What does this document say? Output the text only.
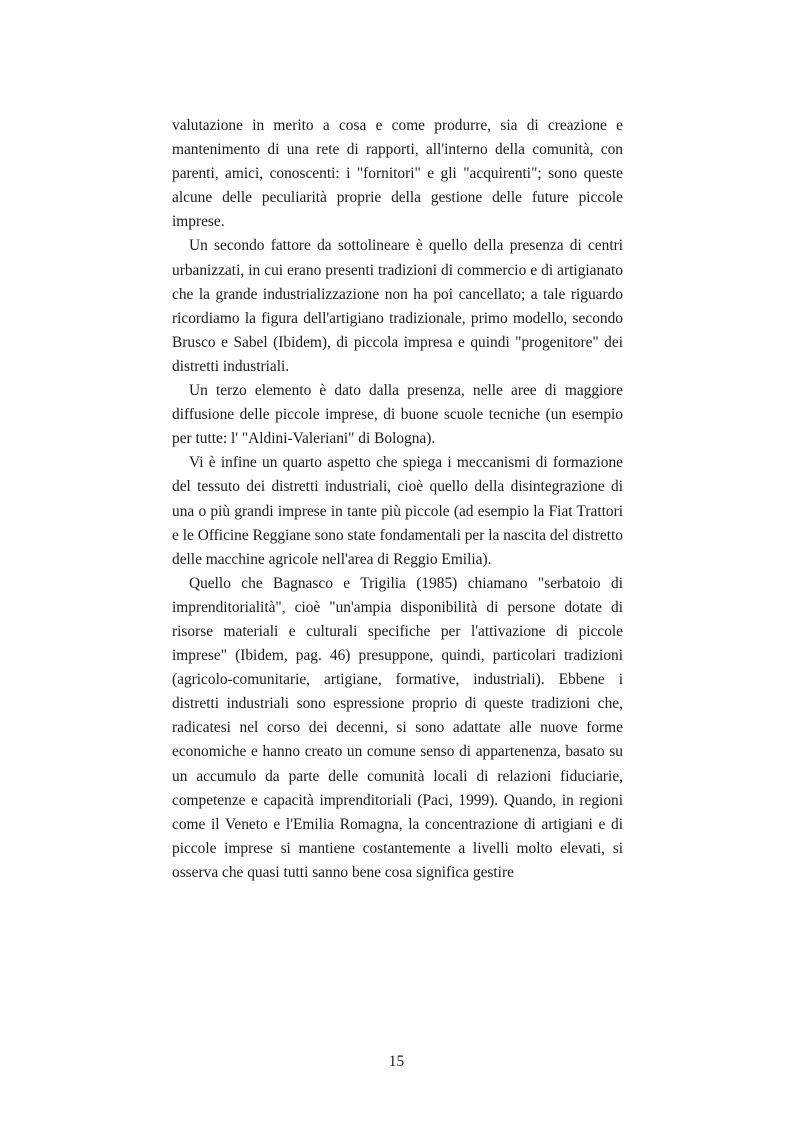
valutazione in merito a cosa e come produrre, sia di creazione e mantenimento di una rete di rapporti, all'interno della comunità, con parenti, amici, conoscenti: i "fornitori" e gli "acquirenti"; sono queste alcune delle peculiarità proprie della gestione delle future piccole imprese.

Un secondo fattore da sottolineare è quello della presenza di centri urbanizzati, in cui erano presenti tradizioni di commercio e di artigianato che la grande industrializzazione non ha poi cancellato; a tale riguardo ricordiamo la figura dell'artigiano tradizionale, primo modello, secondo Brusco e Sabel (Ibidem), di piccola impresa e quindi "progenitore" dei distretti industriali.

Un terzo elemento è dato dalla presenza, nelle aree di maggiore diffusione delle piccole imprese, di buone scuole tecniche (un esempio per tutte: l' "Aldini-Valeriani" di Bologna).

Vi è infine un quarto aspetto che spiega i meccanismi di formazione del tessuto dei distretti industriali, cioè quello della disintegrazione di una o più grandi imprese in tante più piccole (ad esempio la Fiat Trattori e le Officine Reggiane sono state fondamentali per la nascita del distretto delle macchine agricole nell'area di Reggio Emilia).

Quello che Bagnasco e Trigilia (1985) chiamano "serbatoio di imprenditorialità", cioè "un'ampia disponibilità di persone dotate di risorse materiali e culturali specifiche per l'attivazione di piccole imprese" (Ibidem, pag. 46) presuppone, quindi, particolari tradizioni (agricolo-comunitarie, artigiane, formative, industriali). Ebbene i distretti industriali sono espressione proprio di queste tradizioni che, radicatesi nel corso dei decenni, si sono adattate alle nuove forme economiche e hanno creato un comune senso di appartenenza, basato su un accumulo da parte delle comunità locali di relazioni fiduciarie, competenze e capacità imprenditoriali (Paci, 1999). Quando, in regioni come il Veneto e l'Emilia Romagna, la concentrazione di artigiani e di piccole imprese si mantiene costantemente a livelli molto elevati, si osserva che quasi tutti sanno bene cosa significa gestire

15
